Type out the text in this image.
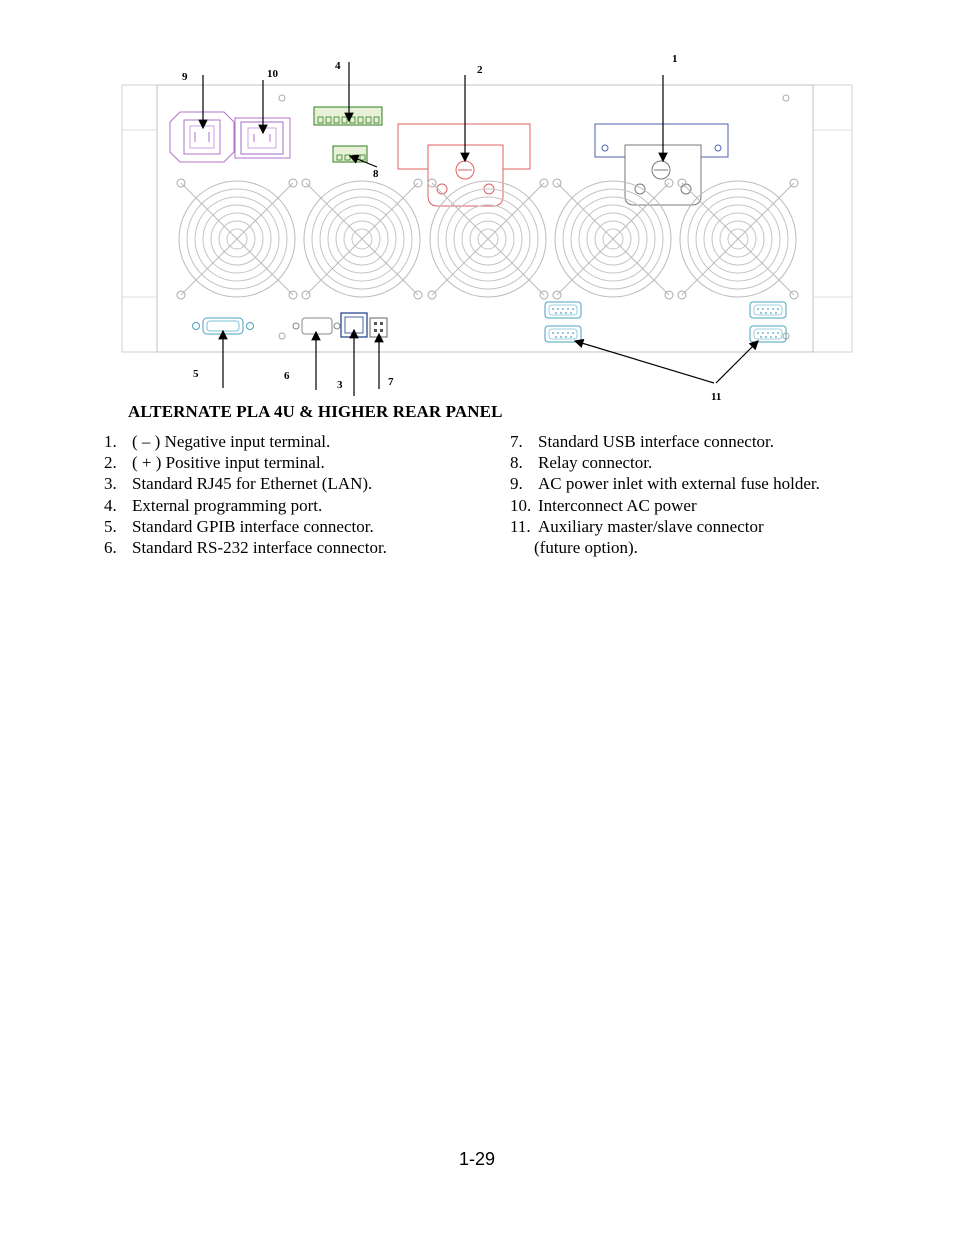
1
2
3
4
5	6	7
8
9	10
11
ALTERNATE PLA 4U & HIGHER REAR PANEL
1. ( – ) Negative input terminal.
2. ( + ) Positive input terminal.
3. Standard RJ45 for Ethernet (LAN).
4. External programming port.
5. Standard GPIB interface connector.
6. Standard RS-232 interface connector.
7. Standard USB interface connector.
8. Relay connector.
9. AC power inlet with external fuse holder.
10. Interconnect AC power
11. Auxiliary master/slave connector
(future option).
1-29
